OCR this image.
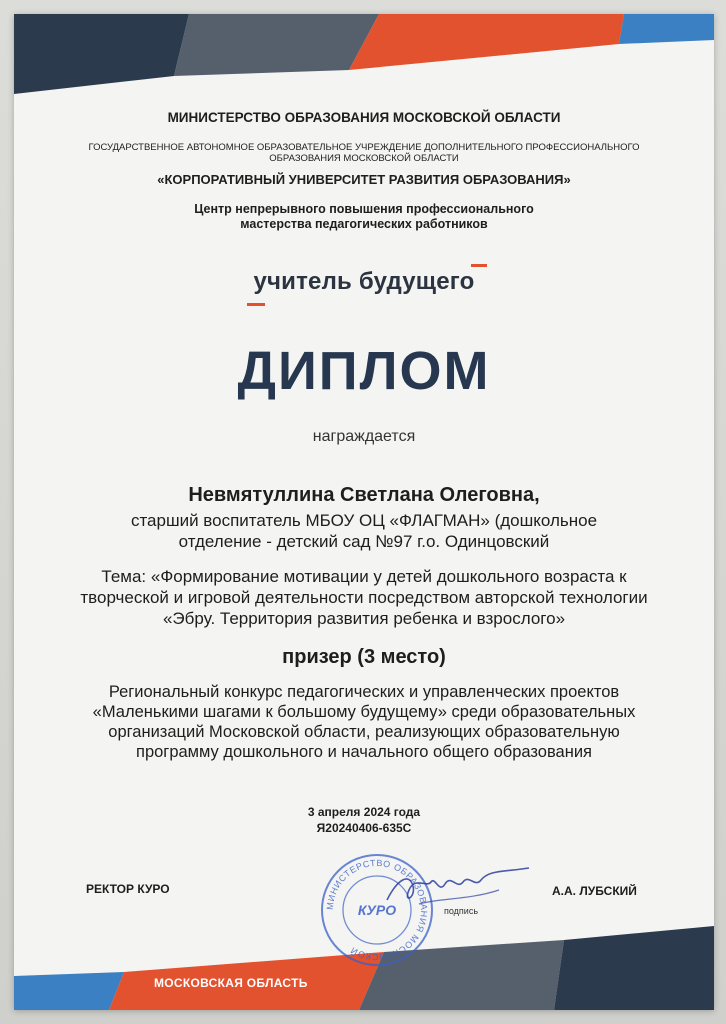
МИНИСТЕРСТВО ОБРАЗОВАНИЯ МОСКОВСКОЙ ОБЛАСТИ
ГОСУДАРСТВЕННОЕ АВТОНОМНОЕ ОБРАЗОВАТЕЛЬНОЕ УЧРЕЖДЕНИЕ ДОПОЛНИТЕЛЬНОГО ПРОФЕССИОНАЛЬНОГО ОБРАЗОВАНИЯ МОСКОВСКОЙ ОБЛАСТИ
«КОРПОРАТИВНЫЙ УНИВЕРСИТЕТ РАЗВИТИЯ ОБРАЗОВАНИЯ»
Центр непрерывного повышения профессионального
мастерства педагогических работников
учитель будущего
ДИПЛОМ
награждается
Невмятуллина Светлана Олеговна,
старший воспитатель МБОУ ОЦ «ФЛАГМАН» (дошкольное отделение - детский сад №97 г.о. Одинцовский
Тема: «Формирование мотивации у детей дошкольного возраста к творческой и игровой деятельности посредством авторской технологии «Эбру. Территория развития ребенка и взрослого»
призер (3 место)
Региональный конкурс педагогических и управленческих проектов «Маленькими шагами к большому будущему» среди образовательных организаций Московской области, реализующих образовательную программу дошкольного и начального общего образования
3 апреля 2024 года
Я20240406-635С
РЕКТОР КУРО
МИНИСТЕРСТВО ОБРАЗОВАНИЯ МОСКОВСКОЙ
КУРО	подпись
А.А. ЛУБСКИЙ
МОСКОВСКАЯ ОБЛАСТЬ
